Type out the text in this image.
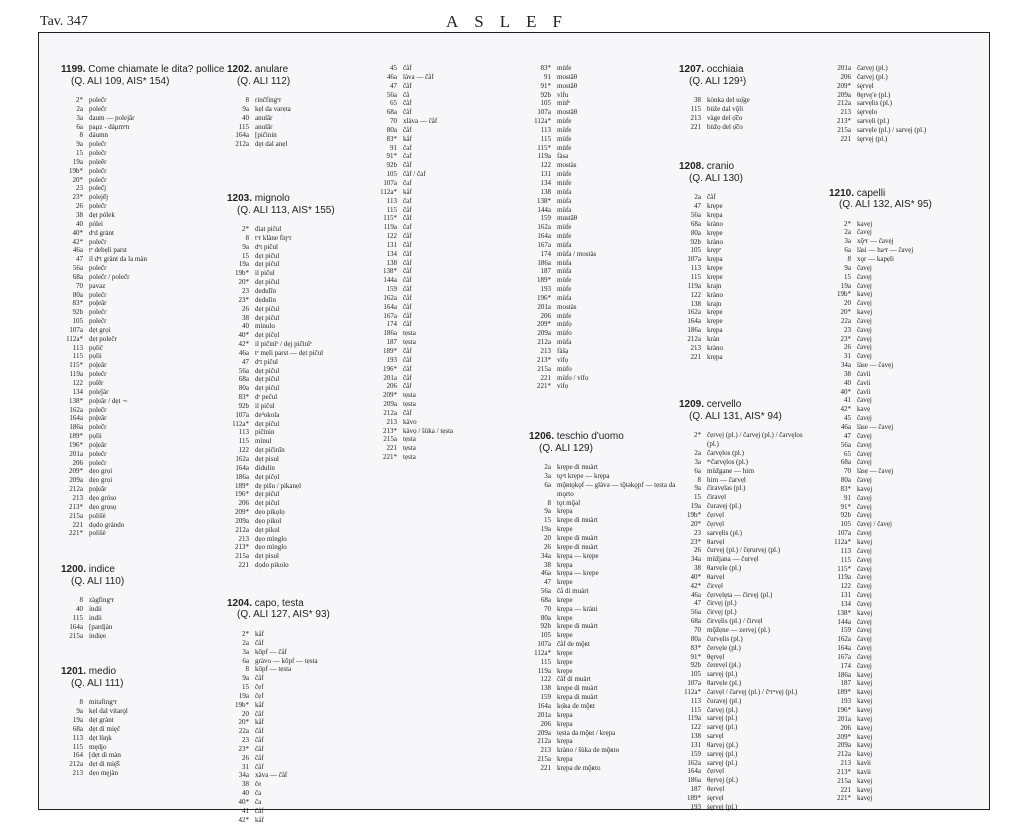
Tav. 347	ASLEF
1199. Come chiamate le dita? pollice
(Q. ALI 109, AIS* 154)
2* polečr
2a polečr
3a daum — polejăr
6a paμz - dáμmᵉn
8 dáumn
9a polečr
15 polečr
19a poleẽr
19b* polečr
20* polečr
23 polečj
23* polejēj
26 polečr
38 dẹt pólek
40 pólei
40* dᵉd grànt
42* polečr
46a tᵉ debẹli parst
47 il dᵉt grànt da la màn
56a polečr
68a polečr / polečr
70 pavaz
80a polečr
83* poļeǎr
92b polečr
105 polečr
107a dẹt grọi
112a* dẹt polečr
113 pọlič
115 pọlii
115* poļeǎr
119a polečr
122 polĕr
134 poleǰàr
138* poļeǎr / dẹt ∼
162a polečr
164a poļeǎr
186a polečr
189* pọlii
196* poļeǎr
201a polečr
206 polečr
209* dẹo grọi
209a dẹo grọi
212a poļeǎr
213 dẹo gróso
213* dẹo grọsọ
215a polišè
221 dọdo grándo
221* polišè
1200. indice
(Q. ALI 110)
8 zàgfingᵉr
40 índii
115 indii
164a [pardjàn
215a índiẹe
1201. medio
(Q. ALI 111)
8 mitǝfingᵉr
9a kẹl dal vitarǫl
19a dẹt grànt
68a dẹt di mięč
113 dẹt lùŋk
115 mędįo
164 [dẹt di màn
212a dẹt di mię̄š
213 dẹo męjàn
1202. anulare
(Q. ALI 112)
8 rinčfingᵉr
9a kẹl da varẹta
40 anulǎr
115 anulār
164a [pičinin
212a dẹt dal anẹl
1203. mignolo
(Q. ALI 113, AIS* 155)
2* dìat pičul
8 tᵉr klàne fiŋᵉr
9a dᵉt pičul
15 dẹt pičul
19a dẹt pičul
19b* il pičul
20* dẹt pičul
23 dedulīn
23* dẹdulìn
26 dẹt pičul
38 dẹt pičul
40 mìnulo
40* dẹt pičọl
42* il pičinīᵉ / dẹj pičinīᵉ
46a tᵉ mẹli parst — dẹt pičul
47 dᵉt pičul
56a dẹt pičul
68a dẹt pičul
80a dẹt pičul
83* dᵉ pečul
92b il pičul
107a deᵈokola
112a* dẹt pičul
113 pičinin
115 mìnul
122 dẹt pičinīn
162a dẹt pisul
164a dìdulin
186a dẹt pičọl
189* dẹ pišu / pikanẹl
196* dẹt pičul
206 dẹt pičul
209* dẹo pikọlọ
209a dẹo pikol
212a dẹt pikul
213 dẹo mìnglo
213* dẹo mìnglo
215a dẹt pisul
221 dọdo pikolo
1204. capo, testa
(Q. ALI 127, AIS* 93)
2* kåf
2a čåf
3a kōpf — čåf
6a gràvo — kōpf — tẹsta
8 kōpf — tẹsta
9a čåf
15 čẹf
19a čẹf
19b* kåf
20 čåf
20* kåf
22a čåf
23 čåf
23* čåf
26 čåf
31 čåf
34a xàva — čåf
38 če
40 ča
40* ča
41 čåf
42* kåf
45 čåf
46a làva — čåf
47 čåf
56a čå
65 čåf
68a čåf
70 xlàva — čåf
80a čåf
83* kåf
91 čaf
91* čaf
92b čåf
105 čåf / čaf
107a čaf
112a* kåf
113 čaf
115 čåf
115* čåf
119a čaf
122 čåf
131 čåf
134 čåf
138 čåf
138* čåf
144a čåf
159 čåf
162a čåf
164a čåf
167a čåf
174 čåf
186a tẹsta
187 tẹsta
189* čåf
193 čåf
196* čåf
201a čåf
206 čåf
209* tẹsta
209a tẹsta
212a čåf
213 kàvo
213* kàvọ / šùka / tẹsta
215a tẹsta
221 tẹsta
221* tẹsta
83* mùfe
91 mostǎθ
91* mostǎθ
92b vìfu
105 mùfᵉ
107a mostǎθ
112a* mùfe
113 mùfe
115 mùfe
115* mùfe
119a fàsa
122 mostàs
131 mùfe
134 mùfe
138 mùfa
138* mùfa
144a mùfa
159 mustǎθ
162a mùfe
164a mùfe
167a mùfa
174 mùfa / mostàs
186a mùfa
187 mùfa
189* mùfe
193 mùfe
196* mùfa
201a mostàs
206 mùfe
209* mùfọ
209a mùfo
212a mùfa
213 fàšạ
213* vìfọ
215a mùfo
221 mùfo / vìfo
221* vìfọ
1206. teschio d'uomo
(Q. ALI 129)
2a krẹpe di muàrt
3a tǫᵊt krẹpe — krẹpa
6a mǭʀtǫkǫf — glàvǝ — tǭtǝkǫpf — tẹsta da
mǫrto
8 tǫt mǭǝl
9a krẹpa
15 krẹpe di muàrt
19a krẹpe
20 krẹpe di muàrt
26 krẹpe di muàrt
34a krẹpa — krẹpe
38 krẹpa
46a krẹpa — krẹpe
47 krẹpe
56a čå di muàrt
68a krẹpe
70 krẹpa — kràni
80a krẹpe
92b krẹpe di muàrt
105 krẹpe
107a čåf de mǭʀt
112a* krẹpe
115 krẹpe
119a krẹpe
122 čåf di muàrt
138 krẹpe di muàrt
159 krẹpa di muàrt
164a kọ̄ʀa de mǭʀt
201a krẹpa
206 krẹpa
209a tẹsta da mǭʀt / krẹpa
212a krẹpa
213 kràno / šùka de mǭʀto
215a krẹpa
221 krẹpa de mǭʀto
1207. occhiaia
(Q. ALI 129¹)
38 kònka del uọ̄ge
115 bùže dal vǭli
213 vàge del ọ̄čo
221 bùžọ del ọ̄čo
1208. cranio
(Q. ALI 130)
2a čåf
47 krẹpe
56a krẹpa
68a kràno
80a krẹpe
92b kràno
105 krẹpᵉ
107a krẹpa
113 krẹpe
115 krẹpe
119a krajn
122 kràno
138 krajn
162a krẹpe
164a krẹpe
186a krẹpa
212a kràn
213 kràno
221 krẹpa
1209. cervello
(Q. ALI 131, AIS* 94)
2* čẹrvẹj (pl.) / čarvẹj (pl.) / čarvęlos
(pl.)
2a čarvęlos (pl.)
3a ᵈᵉčarvęlos (pl.)
6a mùžgane — hirn
8 hirn — čarvẹl
9a čiravẹlas (pl.)
15 čiravẹl
19a čuravẹj (pl.)
19b* čẹrvẹl
20* čẹrvẹl
23 sarvẹlis (pl.)
23* θarvẹl
26 čurvẹj (pl.) / čẹrurvẹj (pl.)
34a mùžjana — čurvẹl
38 θarvẹle (pl.)
40* θarvẹl
42* čirvẹl
46a čẹrvẹlęta — čirvẹj (pl.)
47 čirvẹj (pl.)
56a čirvẹj (pl.)
68a čirvẹlis (pl.) / čirvẹl
70 mǭžẹne — zervẹj (pl.)
80a čurvẹlis (pl.)
83* červẹle (pl.)
91* θęrvẹl
92b čerevẹl (pl.)
105 sarvẹj (pl.)
107a θarvẹle (pl.)
112a* čarvẹl / čarvẹj (pl.) / čᵉrᵘvẹj (pl.)
113 čuravẹj (pl.)
115 čarvẹj (pl.)
119a sarvẹj (pl.)
122 sarvẹj (pl.)
138 sarvẹl
131 θarvẹj (pl.)
159 sarvẹj (pl.)
162a sarvẹj (pl.)
164a čẹrvẹl
186a θẹrvẹj (pl.)
187 θervẹl
189* ṡęrvẹl
193 ṡęrvẹj (pl.)
201a čarvẹj (pl.)
206 čarvẹj (pl.)
209* ṡęrvẹl
209a θęrvę'e (pl.)
212a sarvẹlis (pl.)
213 ṡęrvẹlo
213* sarvẹli (pl.)
215a sarvẹle (pl.) / sarvẹj (pl.)
221 ṡęrvẹj (pl.)
1210. capelli
(Q. ALI 132, AIS* 95)
2* kavẹj
2a čavẹj
3a xǭᵃr — čavẹj
6a làsi — haᵊr — čavẹj
8 xǫr — kapẹli
9a čavẹj
15 čavẹj
19a čavẹj
19b* kavẹj
20 čavẹj
20* kavẹj
22a čavẹj
23 čavẹj
23* čavẹj
26 čavẹj
31 čavẹj
34a làse — čavẹj
38 čavìi
40 čavìi
40* čavìi
41 čavẹj
42* kavẹ
45 čavẹj
46a làse — čavẹj
47 čavẹj
56a čavẹj
65 čavẹj
68a čavẹj
70 làsẹ — čavẹj
80a čavẹj
83* kavẹj
91 čavẹj
91* čavẹj
92b čavẹj
105 čavẹj / čavẹj
107a čavẹj
112a* kavẹj
113 čavẹj
115 čavẹj
115* čavẹj
119a čavẹj
122 čavẹj
131 čavẹj
134 čavẹj
138* kavẹj
144a čavẹj
159 čavẹj
162a čavẹj
164a čavẹj
167a čavẹj
174 čavẹj
186a kavẹj
187 kavẹj
189* kavẹj
193 kavẹj
196* kavẹj
201a kavẹj
206 kavẹj
209* kavẹj
209a kavẹj
212a kavẹj
213 kavìi
213* kavìi
215a kavẹj
221 kavẹj
221* kavẹj
